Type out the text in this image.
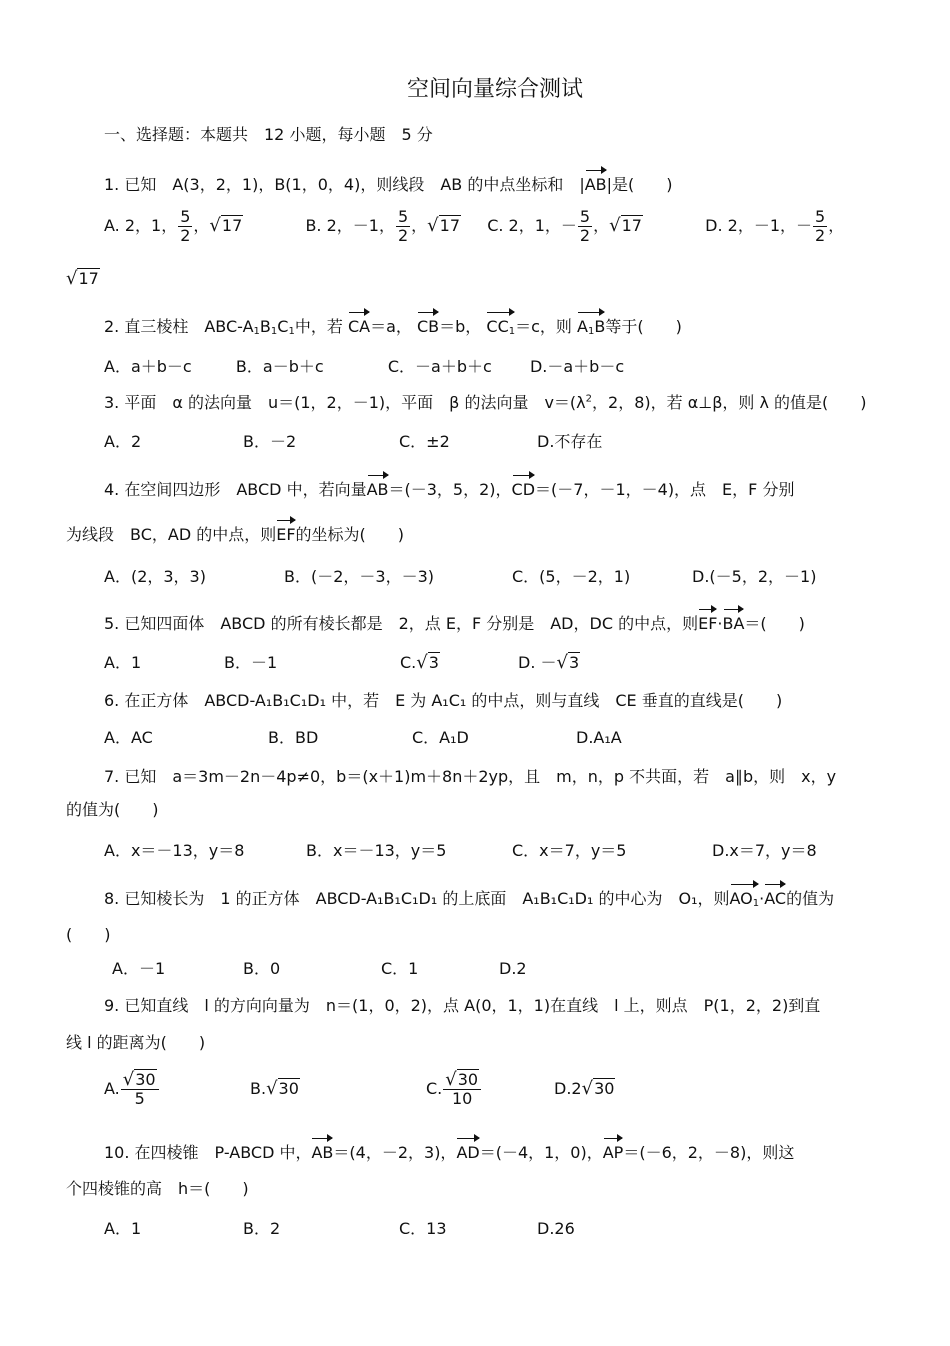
空间向量综合测试
一、选择题：本题共　12 小题，每小题　5 分
1. 已知　A(3，2，1)，B(1，0，4)，则线段　AB 的中点坐标和　|AB|是(　　)
A. 2，1， $\frac{5}{2}$ ，√17	B. 2，－1， $\frac{5}{2}$ ，√17 C. 2，1，－ $\frac{5}{2}$ ，√17	D. 2，－1，－ $\frac{5}{2}$ ，
√17
2. 直三棱柱　ABC-$A_1B_1C_1$中，若 CA＝a， CB＝b， $CC_1=c$，则 $A_1B$等于(　　)
A．a＋b－c	B．a－b＋c	C．－a＋b＋c D.－a＋b－c
3. 平面　α 的法向量　u＝(1，2，－1)，平面　β 的法向量　$v=(\lambda^2$，2，8)，若 α⊥β，则 λ 的值是(　　)
A．2	B．－2	C．±2	D.不存在
4. 在空间四边形　ABCD 中，若向量AB＝(－3，5，2)，CD＝(－7，－1，－4)，点　E，F 分别
为线段　BC，AD 的中点，则EF的坐标为(　　)
A．(2，3，3)	B．(－2，－3，－3)	C．(5，－2，1)	D.(－5，2，－1)
5. 已知四面体　ABCD 的所有棱长都是　2，点 E，F 分别是　AD，DC 的中点，则EF·BA＝(　　)
A．1	B．－1	C.√3	D. －√3
6. 在正方体　ABCD-A₁B₁C₁D₁ 中，若　E 为 A₁C₁ 的中点，则与直线　CE 垂直的直线是(　　)
A．AC	B．BD	C．A₁D	D.A₁A
7. 已知　a＝3m－2n－4p≠0，b＝(x＋1)m＋8n＋2yp，且　m，n，p 不共面，若　a∥b，则　x，y
的值为(　　)
A．x＝－13，y＝8	B．x＝－13，y＝5	C．x＝7，y＝5	D.x＝7，y＝8
8. 已知棱长为　1 的正方体　ABCD-A₁B₁C₁D₁ 的上底面　A₁B₁C₁D₁ 的中心为　O₁，则$AO_1\cdot AC$的值为
(　　)
A．－1	B．0	C．1	D.2
9. 已知直线　l 的方向向量为　n＝(1，0，2)，点 A(0，1，1)在直线　l 上，则点　P(1，2，2)到直
线 l 的距离为(　　)
A. $\frac{√30}{5}$	B.√30	C. $\frac{√30}{10}$	D.2√30
10. 在四棱锥　P-ABCD 中，AB＝(4，－2，3)，AD＝(－4，1，0)，AP＝(－6，2，－8)，则这
个四棱锥的高　h＝(　　)
A．1	B．2	C．13	D.26
